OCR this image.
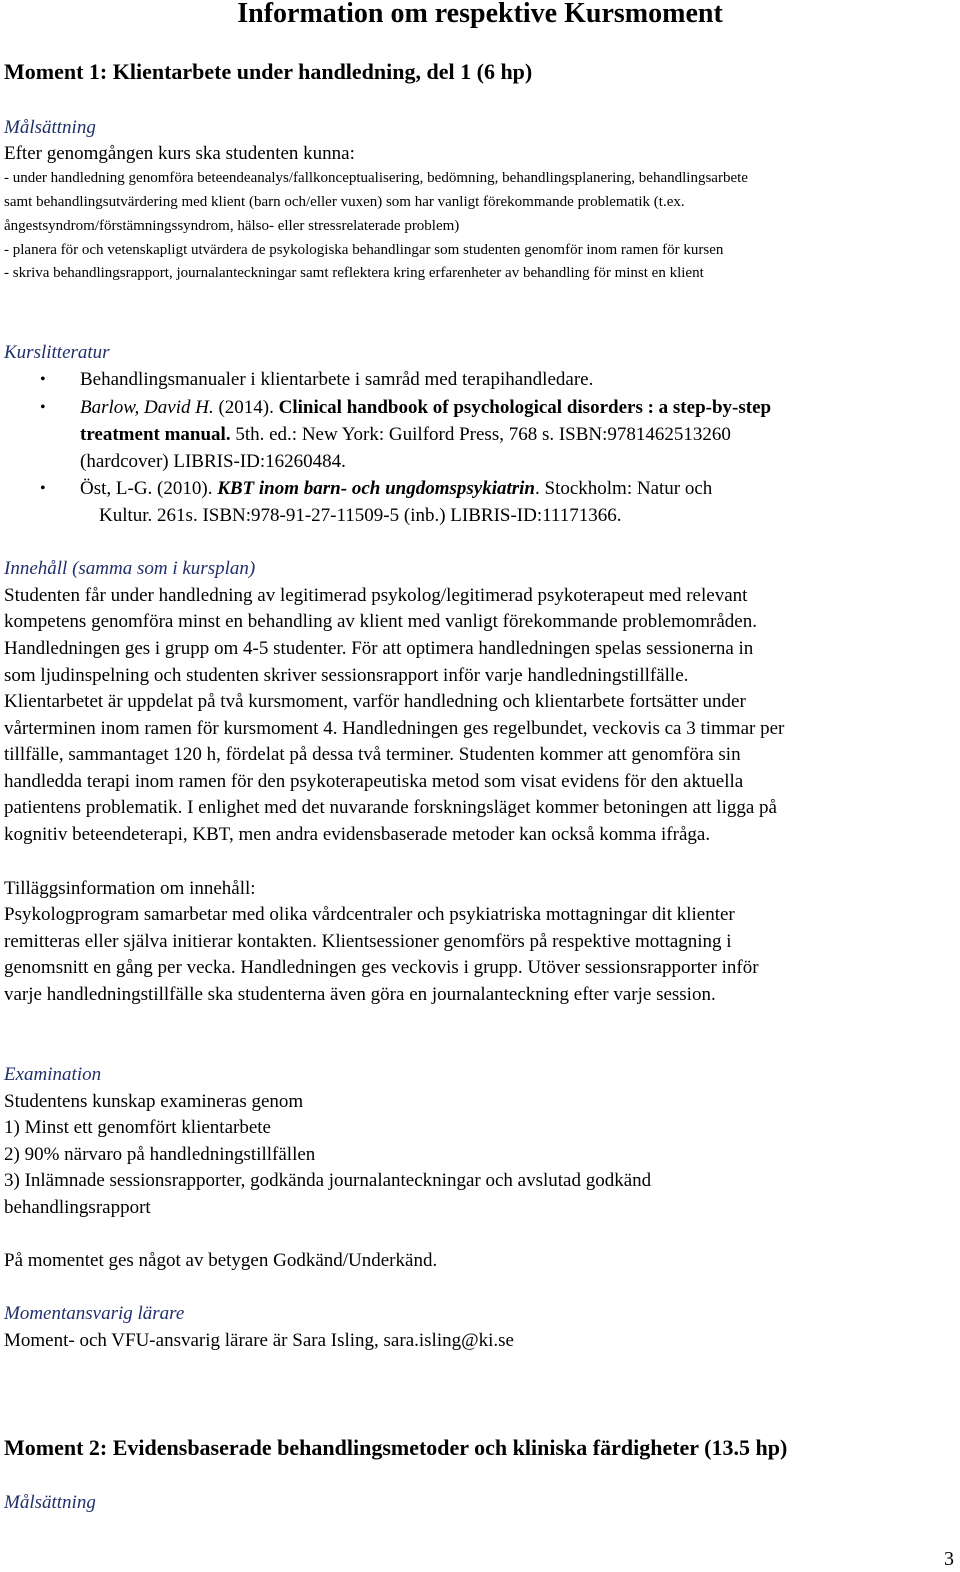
Information om respektive Kursmoment
Moment 1: Klientarbete under handledning, del 1 (6 hp)
Målsättning
Efter genomgången kurs ska studenten kunna:
- under handledning genomföra beteendeanalys/fallkonceptualisering, bedömning, behandlingsplanering, behandlingsarbete
samt behandlingsutvärdering med klient (barn och/eller vuxen) som har vanligt förekommande problematik (t.ex.
ångestsyndrom/förstämningssyndrom, hälso- eller stressrelaterade problem)
- planera för och vetenskapligt utvärdera de psykologiska behandlingar som studenten genomför inom ramen för kursen
- skriva behandlingsrapport, journalanteckningar samt reflektera kring erfarenheter av behandling för minst en klient
Kurslitteratur
• Behandlingsmanualer i klientarbete i samråd med terapihandledare.
• Barlow, David H. (2014). Clinical handbook of psychological disorders : a step-by-step
treatment manual. 5th. ed.: New York: Guilford Press, 768 s. ISBN:9781462513260
(hardcover) LIBRIS-ID:16260484.
• Öst, L-G. (2010). KBT inom barn- och ungdomspsykiatrin. Stockholm: Natur och
Kultur. 261s. ISBN:978-91-27-11509-5 (inb.) LIBRIS-ID:11171366.
Innehåll (samma som i kursplan)
Studenten får under handledning av legitimerad psykolog/legitimerad psykoterapeut med relevant
kompetens genomföra minst en behandling av klient med vanligt förekommande problemområden.
Handledningen ges i grupp om 4-5 studenter. För att optimera handledningen spelas sessionerna in
som ljudinspelning och studenten skriver sessionsrapport inför varje handledningstillfälle.
Klientarbetet är uppdelat på två kursmoment, varför handledning och klientarbete fortsätter under
vårterminen inom ramen för kursmoment 4. Handledningen ges regelbundet, veckovis ca 3 timmar per
tillfälle, sammantaget 120 h, fördelat på dessa två terminer. Studenten kommer att genomföra sin
handledda terapi inom ramen för den psykoterapeutiska metod som visat evidens för den aktuella
patientens problematik. I enlighet med det nuvarande forskningsläget kommer betoningen att ligga på
kognitiv beteendeterapi, KBT, men andra evidensbaserade metoder kan också komma ifråga.
Tilläggsinformation om innehåll:
Psykologprogram samarbetar med olika vårdcentraler och psykiatriska mottagningar dit klienter
remitteras eller själva initierar kontakten. Klientsessioner genomförs på respektive mottagning i
genomsnitt en gång per vecka. Handledningen ges veckovis i grupp. Utöver sessionsrapporter inför
varje handledningstillfälle ska studenterna även göra en journalanteckning efter varje session.
Examination
Studentens kunskap examineras genom
1) Minst ett genomfört klientarbete
2) 90% närvaro på handledningstillfällen
3) Inlämnade sessionsrapporter, godkända journalanteckningar och avslutad godkänd
behandlingsrapport
På momentet ges något av betygen Godkänd/Underkänd.
Momentansvarig lärare
Moment- och VFU-ansvarig lärare är Sara Isling, sara.isling@ki.se
Moment 2: Evidensbaserade behandlingsmetoder och kliniska färdigheter (13.5 hp)
Målsättning
3
